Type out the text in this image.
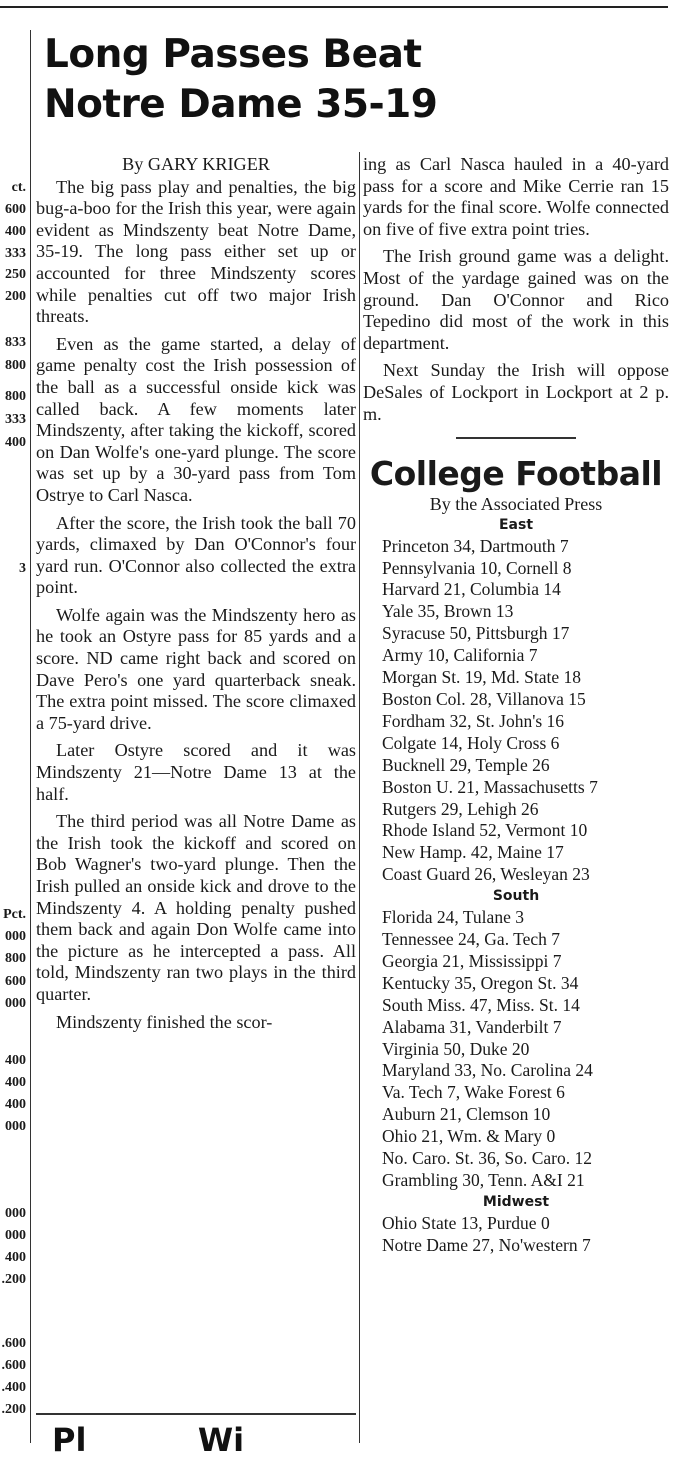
ct.
600
400
333
250
200
833
800
800
333
400
3
Pct.
000
800
600
000
400
400
400
000
000
000
400
.200
.600
.600
.400
.200
Long Passes Beat
Notre Dame 35-19

By GARY KRIGER

The big pass play and penalties, the big bug-a-boo for the Irish this year, were again evident as Mindszenty beat Notre Dame, 35-19. The long pass either set up or accounted for three Mindszenty scores while penalties cut off two major Irish threats.

Even as the game started, a delay of game penalty cost the Irish possession of the ball as a successful onside kick was called back. A few moments later Mindszenty, after taking the kickoff, scored on Dan Wolfe's one-yard plunge. The score was set up by a 30-yard pass from Tom Ostrye to Carl Nasca.

After the score, the Irish took the ball 70 yards, climaxed by Dan O'Connor's four yard run. O'Connor also collected the extra point.

Wolfe again was the Mindszenty hero as he took an Ostyre pass for 85 yards and a score. ND came right back and scored on Dave Pero's one yard quarterback sneak. The extra point missed. The score climaxed a 75-yard drive.

Later Ostyre scored and it was Mindszenty 21—Notre Dame 13 at the half.

The third period was all Notre Dame as the Irish took the kickoff and scored on Bob Wagner's two-yard plunge. Then the Irish pulled an onside kick and drove to the Mindszenty 4. A holding penalty pushed them back and again Don Wolfe came into the picture as he intercepted a pass. All told, Mindszenty ran two plays in the third quarter.

Mindszenty finished the scor-

ing as Carl Nasca hauled in a 40-yard pass for a score and Mike Cerrie ran 15 yards for the final score. Wolfe connected on five of five extra point tries.

The Irish ground game was a delight. Most of the yardage gained was on the ground. Dan O'Connor and Rico Tepedino did most of the work in this department.

Next Sunday the Irish will oppose DeSales of Lockport in Lockport at 2 p. m.

College Football

By the Associated Press

East
Princeton 34, Dartmouth 7
Pennsylvania 10, Cornell 8
Harvard 21, Columbia 14
Yale 35, Brown 13
Syracuse 50, Pittsburgh 17
Army 10, California 7
Morgan St. 19, Md. State 18
Boston Col. 28, Villanova 15
Fordham 32, St. John's 16
Colgate 14, Holy Cross 6
Bucknell 29, Temple 26
Boston U. 21, Massachusetts 7
Rutgers 29, Lehigh 26
Rhode Island 52, Vermont 10
New Hamp. 42, Maine 17
Coast Guard 26, Wesleyan 23
South
Florida 24, Tulane 3
Tennessee 24, Ga. Tech 7
Georgia 21, Mississippi 7
Kentucky 35, Oregon St. 34
South Miss. 47, Miss. St. 14
Alabama 31, Vanderbilt 7
Virginia 50, Duke 20
Maryland 33, No. Carolina 24
Va. Tech 7, Wake Forest 6
Auburn 21, Clemson 10
Ohio 21, Wm. & Mary 0
No. Caro. St. 36, So. Caro. 12
Grambling 30, Tenn. A&I 21
Midwest
Ohio State 13, Purdue 0
Notre Dame 27, No'western 7
Pl          Wi
